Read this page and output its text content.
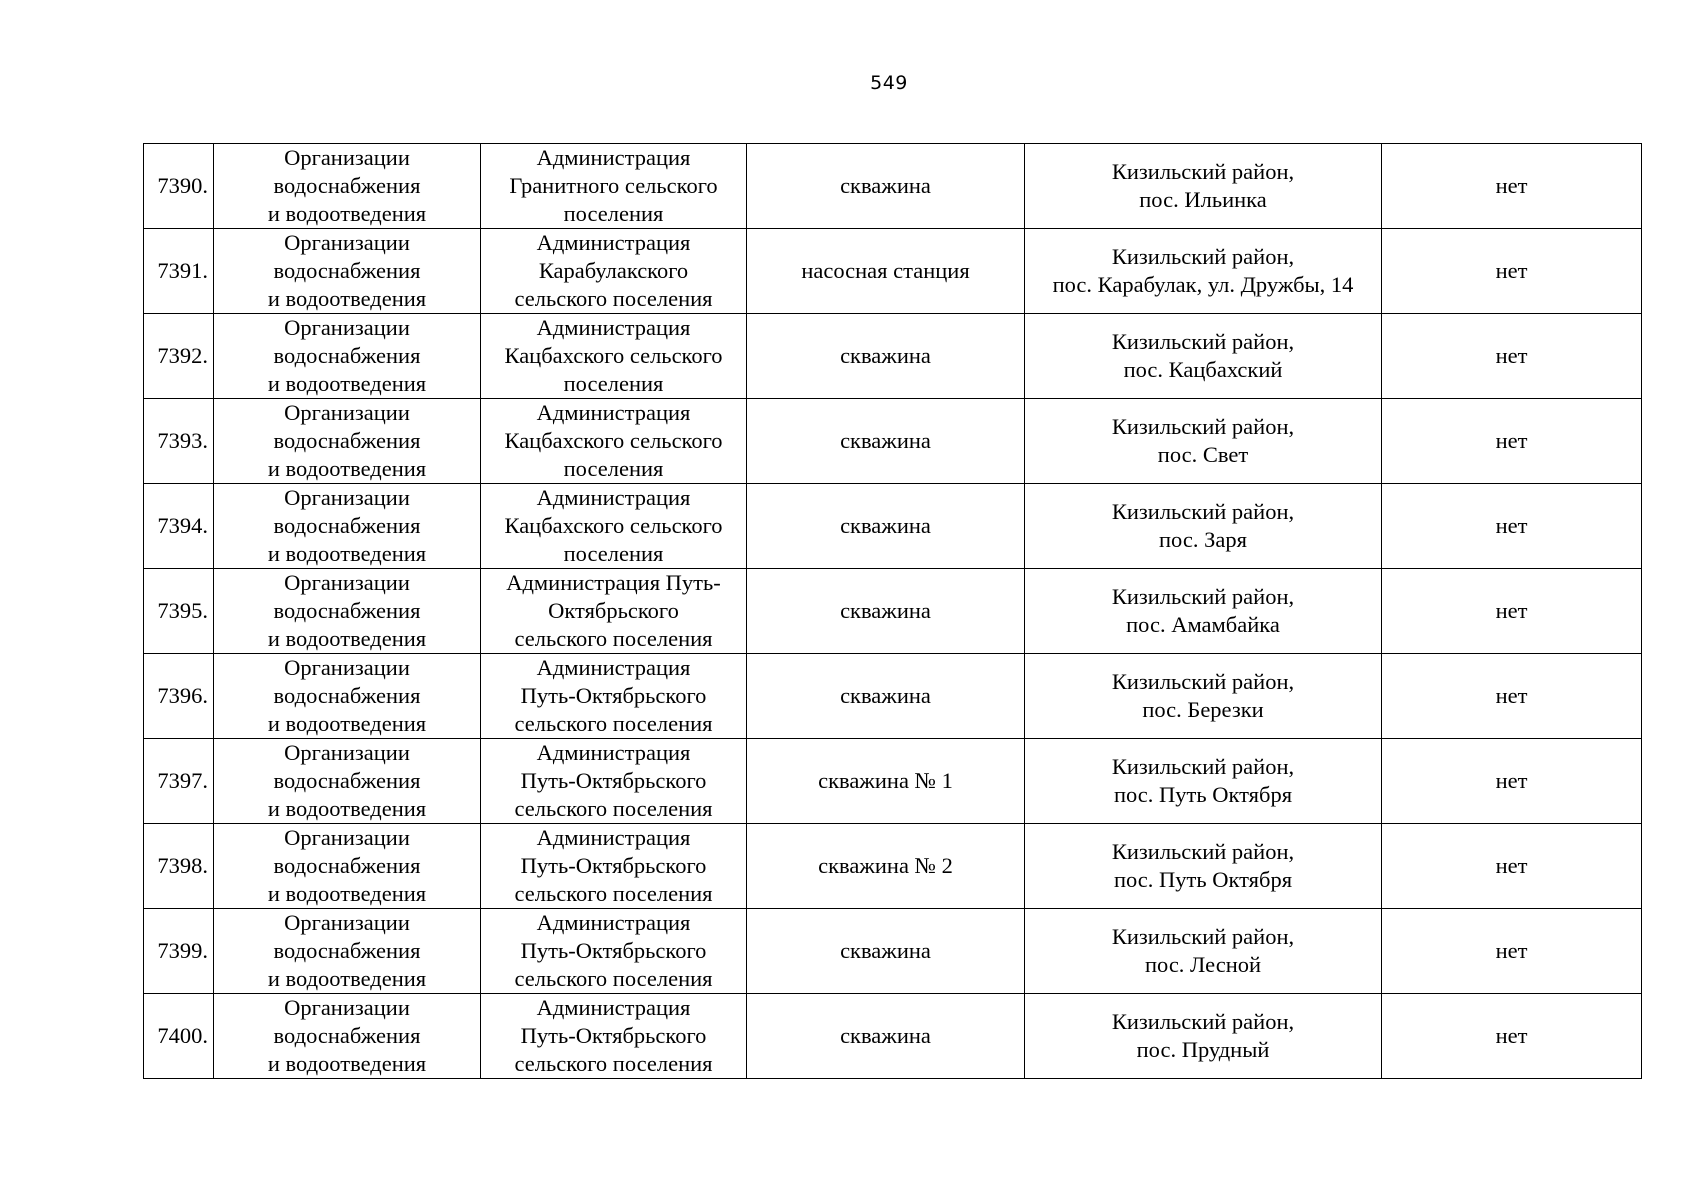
549
7390.	Организации
водоснабжения
и водоотведения	Администрация
Гранитного сельского
поселения	скважина	Кизильский район,
пос. Ильинка	нет
7391.	Организации
водоснабжения
и водоотведения	Администрация
Карабулакского
сельского поселения	насосная станция	Кизильский район,
пос. Карабулак, ул. Дружбы, 14	нет
7392.	Организации
водоснабжения
и водоотведения	Администрация
Кацбахского сельского
поселения	скважина	Кизильский район,
пос. Кацбахский	нет
7393.	Организации
водоснабжения
и водоотведения	Администрация
Кацбахского сельского
поселения	скважина	Кизильский район,
пос. Свет	нет
7394.	Организации
водоснабжения
и водоотведения	Администрация
Кацбахского сельского
поселения	скважина	Кизильский район,
пос. Заря	нет
7395.	Организации
водоснабжения
и водоотведения	Администрация Путь-
Октябрьского
сельского поселения	скважина	Кизильский район,
пос. Амамбайка	нет
7396.	Организации
водоснабжения
и водоотведения	Администрация
Путь-Октябрьского
сельского поселения	скважина	Кизильский район,
пос. Березки	нет
7397.	Организации
водоснабжения
и водоотведения	Администрация
Путь-Октябрьского
сельского поселения	скважина № 1	Кизильский район,
пос. Путь Октября	нет
7398.	Организации
водоснабжения
и водоотведения	Администрация
Путь-Октябрьского
сельского поселения	скважина № 2	Кизильский район,
пос. Путь Октября	нет
7399.	Организации
водоснабжения
и водоотведения	Администрация
Путь-Октябрьского
сельского поселения	скважина	Кизильский район,
пос. Лесной	нет
7400.	Организации
водоснабжения
и водоотведения	Администрация
Путь-Октябрьского
сельского поселения	скважина	Кизильский район,
пос. Прудный	нет
